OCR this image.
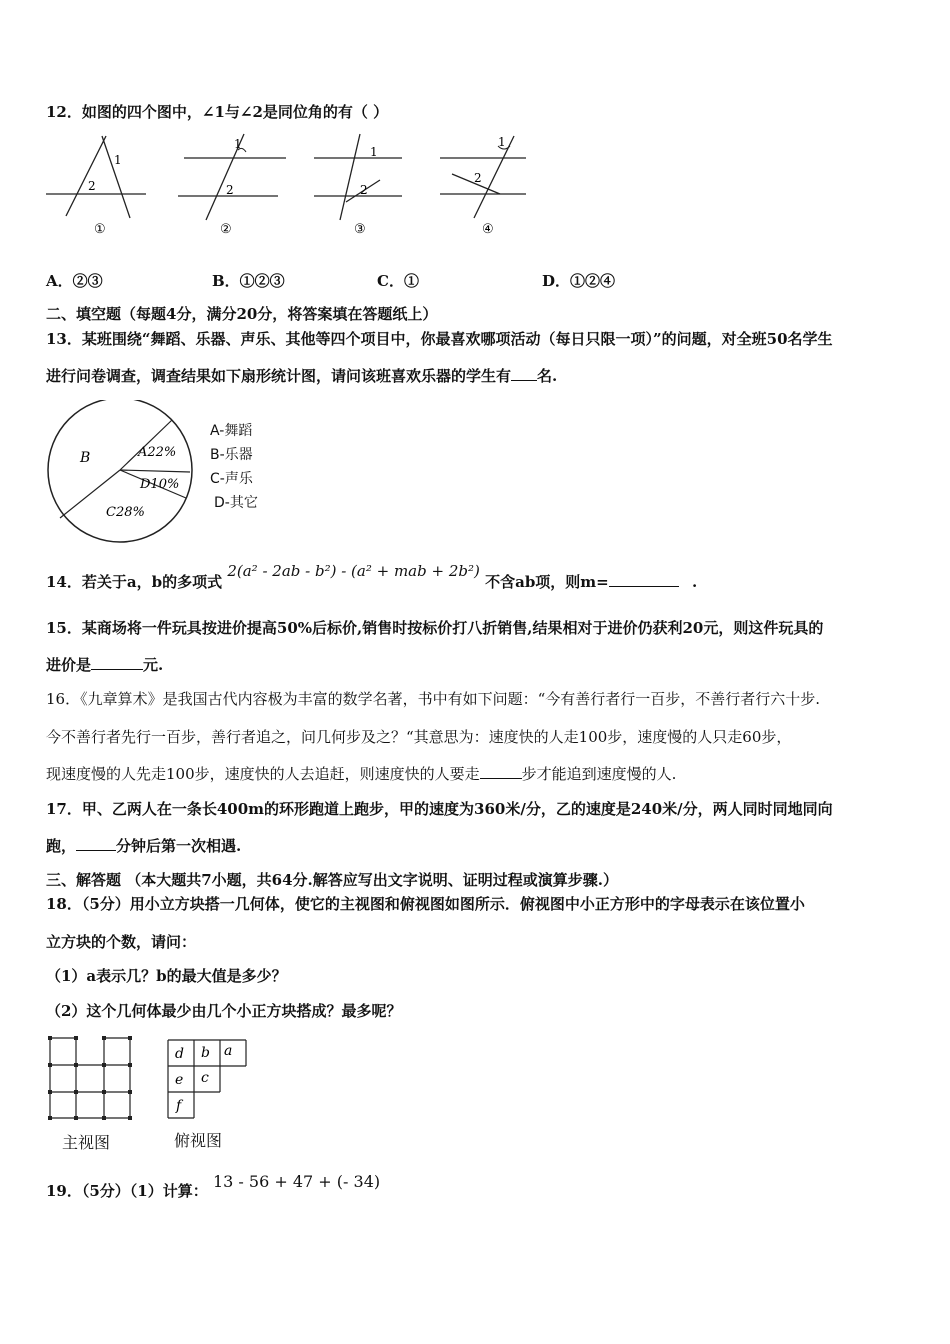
12．如图的四个图中，∠1与∠2是同位角的有（ ）
1
2
①
1
2
②
1
2
③
1
2
④
A．②③	B．①②③	C．①	D．①②④
二、填空题（每题4分，满分20分，将答案填在答题纸上）
13．某班围绕“舞蹈、乐器、声乐、其他等四个项目中，你最喜欢哪项活动（每日只限一项）”的问题，对全班50名学生
进行问卷调查，调查结果如下扇形统计图，请问该班喜欢乐器的学生有 名.
B	A22%
D10%
C28%
A-舞蹈
B-乐器
C-声乐
D-其它
14．若关于a，b的多项式 2(a² - 2ab - b²) - (a² + mab + 2b²) 不含ab项，则m=	.
15．某商场将一件玩具按进价提高50%后标价,销售时按标价打八折销售,结果相对于进价仍获利20元，则这件玩具的
进价是	元.
16．《九章算术》是我国古代内容极为丰富的数学名著，书中有如下问题：“今有善行者行一百步，不善行者行六十步.
今不善行者先行一百步，善行者追之，问几何步及之？“其意思为：速度快的人走100步，速度慢的人只走60步，
现速度慢的人先走100步，速度快的人去追赶，则速度快的人要走	步才能追到速度慢的人.
17．甲、乙两人在一条长400m的环形跑道上跑步，甲的速度为360米/分，乙的速度是240米/分，两人同时同地同向
跑，	分钟后第一次相遇.
三、解答题 （本大题共7小题，共64分.解答应写出文字说明、证明过程或演算步骤.）
18．（5分）用小立方块搭一几何体，使它的主视图和俯视图如图所示．俯视图中小正方形中的字母表示在该位置小
立方块的个数，请问：
（1）a表示几？b的最大值是多少？
（2）这个几何体最少由几个小正方块搭成？最多呢？
主视图
d b a
e c
f
俯视图
19．（5分）（1）计算： 13 - 56 + 47 + (- 34)
